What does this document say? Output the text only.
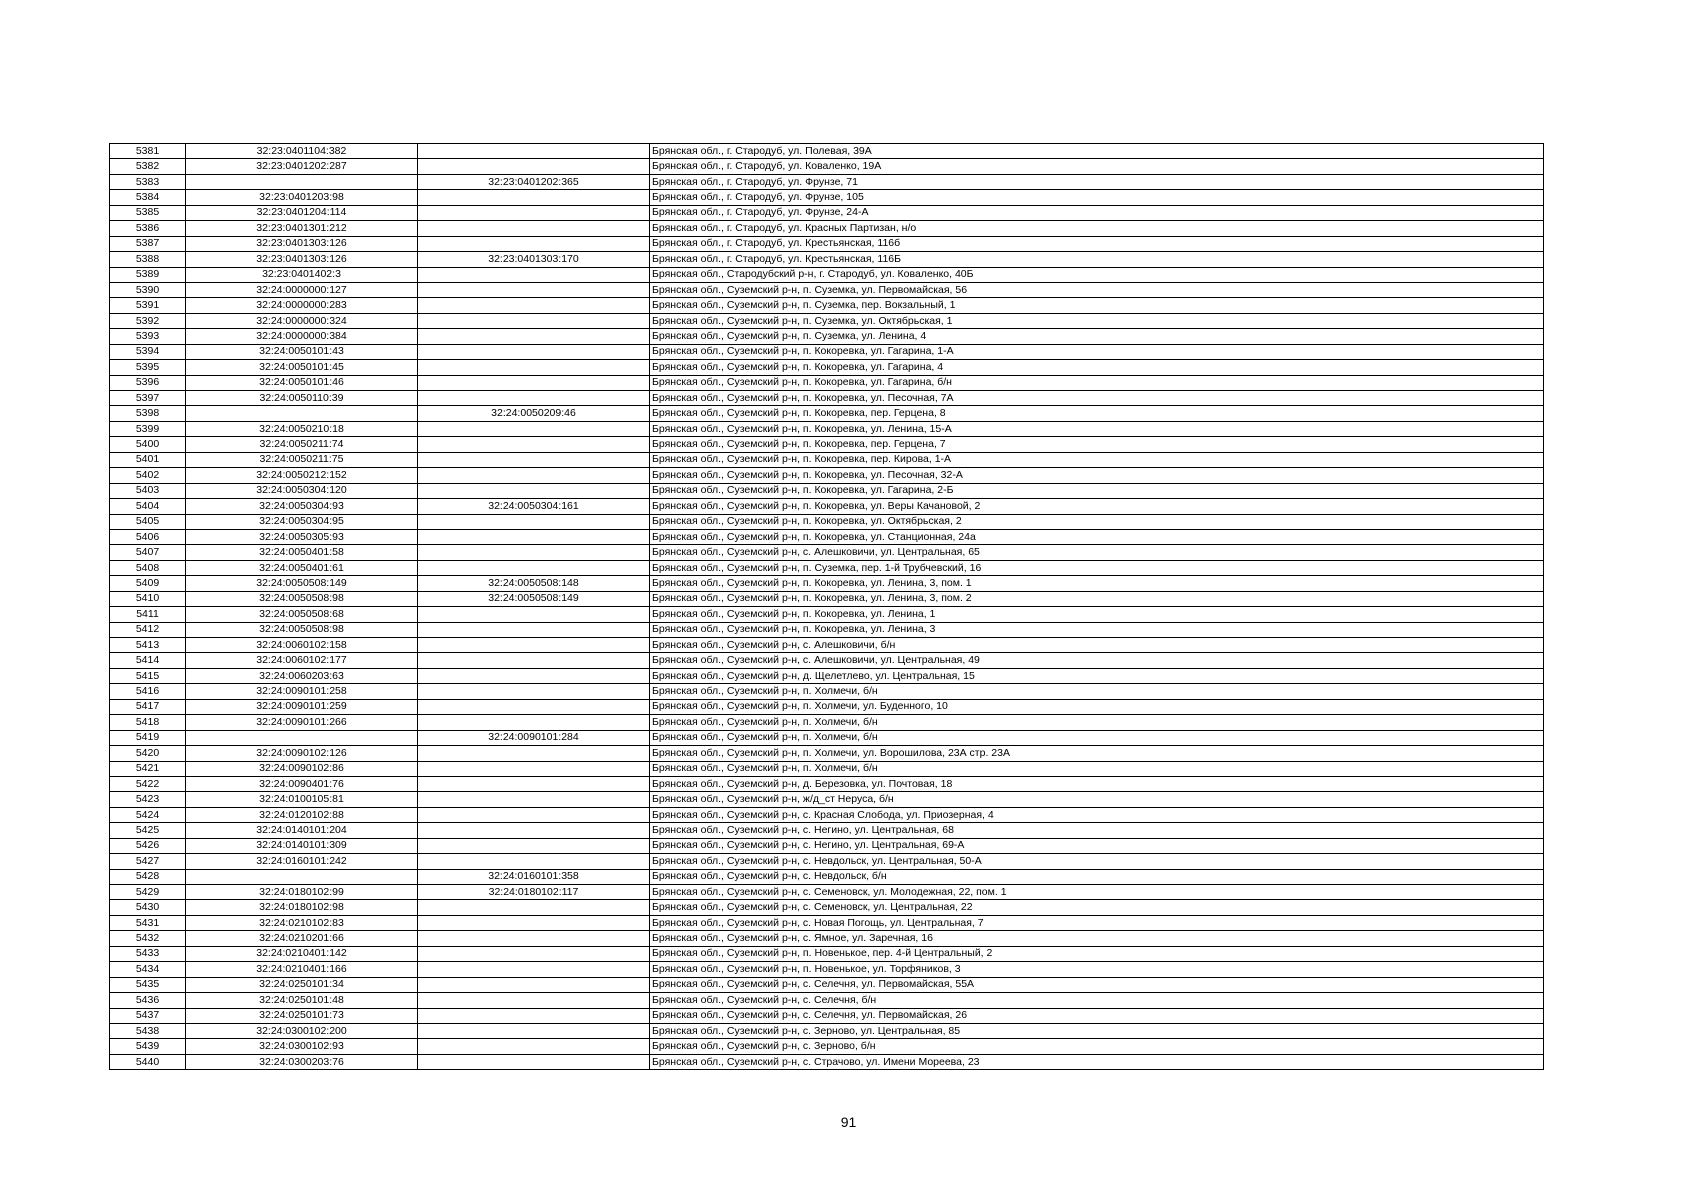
5381	32:23:0401104:382		Брянская обл., г. Стародуб, ул. Полевая, 39А
5382	32:23:0401202:287		Брянская обл., г. Стародуб, ул. Коваленко, 19А
5383		32:23:0401202:365	Брянская обл., г. Стародуб, ул. Фрунзе, 71
5384	32:23:0401203:98		Брянская обл., г. Стародуб, ул. Фрунзе, 105
5385	32:23:0401204:114		Брянская обл., г. Стародуб, ул. Фрунзе, 24-А
5386	32:23:0401301:212		Брянская обл., г. Стародуб, ул. Красных Партизан, н/о
5387	32:23:0401303:126		Брянская обл., г. Стародуб, ул. Крестьянская, 116б
5388	32:23:0401303:126	32:23:0401303:170	Брянская обл., г. Стародуб, ул. Крестьянская, 116Б
5389	32:23:0401402:3		Брянская обл., Стародубский р-н, г. Стародуб, ул. Коваленко, 40Б
5390	32:24:0000000:127		Брянская обл., Суземский р-н, п. Суземка, ул. Первомайская, 56
5391	32:24:0000000:283		Брянская обл., Суземский р-н, п. Суземка, пер. Вокзальный, 1
5392	32:24:0000000:324		Брянская обл., Суземский р-н, п. Суземка, ул. Октябрьская, 1
5393	32:24:0000000:384		Брянская обл., Суземский р-н, п. Суземка, ул. Ленина, 4
5394	32:24:0050101:43		Брянская обл., Суземский р-н, п. Кокоревка, ул. Гагарина, 1-А
5395	32:24:0050101:45		Брянская обл., Суземский р-н, п. Кокоревка, ул. Гагарина, 4
5396	32:24:0050101:46		Брянская обл., Суземский р-н, п. Кокоревка, ул. Гагарина, б/н
5397	32:24:0050110:39		Брянская обл., Суземский р-н, п. Кокоревка, ул. Песочная, 7А
5398		32:24:0050209:46	Брянская обл., Суземский р-н, п. Кокоревка, пер. Герцена, 8
5399	32:24:0050210:18		Брянская обл., Суземский р-н, п. Кокоревка, ул. Ленина, 15-А
5400	32:24:0050211:74		Брянская обл., Суземский р-н, п. Кокоревка, пер. Герцена, 7
5401	32:24:0050211:75		Брянская обл., Суземский р-н, п. Кокоревка, пер. Кирова, 1-А
5402	32:24:0050212:152		Брянская обл., Суземский р-н, п. Кокоревка, ул. Песочная, 32-А
5403	32:24:0050304:120		Брянская обл., Суземский р-н, п. Кокоревка, ул. Гагарина, 2-Б
5404	32:24:0050304:93	32:24:0050304:161	Брянская обл., Суземский р-н, п. Кокоревка, ул. Веры Качановой, 2
5405	32:24:0050304:95		Брянская обл., Суземский р-н, п. Кокоревка, ул. Октябрьская, 2
5406	32:24:0050305:93		Брянская обл., Суземский р-н, п. Кокоревка, ул. Станционная, 24а
5407	32:24:0050401:58		Брянская обл., Суземский р-н, с. Алешковичи, ул. Центральная, 65
5408	32:24:0050401:61		Брянская обл., Суземский р-н, п. Суземка, пер. 1-й Трубчевский, 16
5409	32:24:0050508:149	32:24:0050508:148	Брянская обл., Суземский р-н, п. Кокоревка, ул. Ленина, 3, пом. 1
5410	32:24:0050508:98	32:24:0050508:149	Брянская обл., Суземский р-н, п. Кокоревка, ул. Ленина, 3, пом. 2
5411	32:24:0050508:68		Брянская обл., Суземский р-н, п. Кокоревка, ул. Ленина, 1
5412	32:24:0050508:98		Брянская обл., Суземский р-н, п. Кокоревка, ул. Ленина, 3
5413	32:24:0060102:158		Брянская обл., Суземский р-н, с. Алешковичи, б/н
5414	32:24:0060102:177		Брянская обл., Суземский р-н, с. Алешковичи, ул. Центральная, 49
5415	32:24:0060203:63		Брянская обл., Суземский р-н, д. Щелетлево, ул. Центральная, 15
5416	32:24:0090101:258		Брянская обл., Суземский р-н, п. Холмечи, б/н
5417	32:24:0090101:259		Брянская обл., Суземский р-н, п. Холмечи, ул. Буденного, 10
5418	32:24:0090101:266		Брянская обл., Суземский р-н, п. Холмечи, б/н
5419		32:24:0090101:284	Брянская обл., Суземский р-н, п. Холмечи, б/н
5420	32:24:0090102:126		Брянская обл., Суземский р-н, п. Холмечи, ул. Ворошилова, 23А стр. 23А
5421	32:24:0090102:86		Брянская обл., Суземский р-н, п. Холмечи, б/н
5422	32:24:0090401:76		Брянская обл., Суземский р-н, д. Березовка, ул. Почтовая, 18
5423	32:24:0100105:81		Брянская обл., Суземский р-н, ж/д_ст Неруса, б/н
5424	32:24:0120102:88		Брянская обл., Суземский р-н, с. Красная Слобода, ул. Приозерная, 4
5425	32:24:0140101:204		Брянская обл., Суземский р-н, с. Негино, ул. Центральная, 68
5426	32:24:0140101:309		Брянская обл., Суземский р-н, с. Негино, ул. Центральная, 69-А
5427	32:24:0160101:242		Брянская обл., Суземский р-н, с. Невдольск, ул. Центральная, 50-А
5428		32:24:0160101:358	Брянская обл., Суземский р-н, с. Невдольск, б/н
5429	32:24:0180102:99	32:24:0180102:117	Брянская обл., Суземский р-н, с. Семеновск, ул. Молодежная, 22, пом. 1
5430	32:24:0180102:98		Брянская обл., Суземский р-н, с. Семеновск, ул. Центральная, 22
5431	32:24:0210102:83		Брянская обл., Суземский р-н, с. Новая Погощь, ул. Центральная, 7
5432	32:24:0210201:66		Брянская обл., Суземский р-н, с. Ямное, ул. Заречная, 16
5433	32:24:0210401:142		Брянская обл., Суземский р-н, п. Новенькое, пер. 4-й Центральный, 2
5434	32:24:0210401:166		Брянская обл., Суземский р-н, п. Новенькое, ул. Торфяников, 3
5435	32:24:0250101:34		Брянская обл., Суземский р-н, с. Селечня, ул. Первомайская, 55А
5436	32:24:0250101:48		Брянская обл., Суземский р-н, с. Селечня, б/н
5437	32:24:0250101:73		Брянская обл., Суземский р-н, с. Селечня, ул. Первомайская, 26
5438	32:24:0300102:200		Брянская обл., Суземский р-н, с. Зерново, ул. Центральная, 85
5439	32:24:0300102:93		Брянская обл., Суземский р-н, с. Зерново, б/н
5440	32:24:0300203:76		Брянская обл., Суземский р-н, с. Страчово, ул. Имени Мореева, 23
91
